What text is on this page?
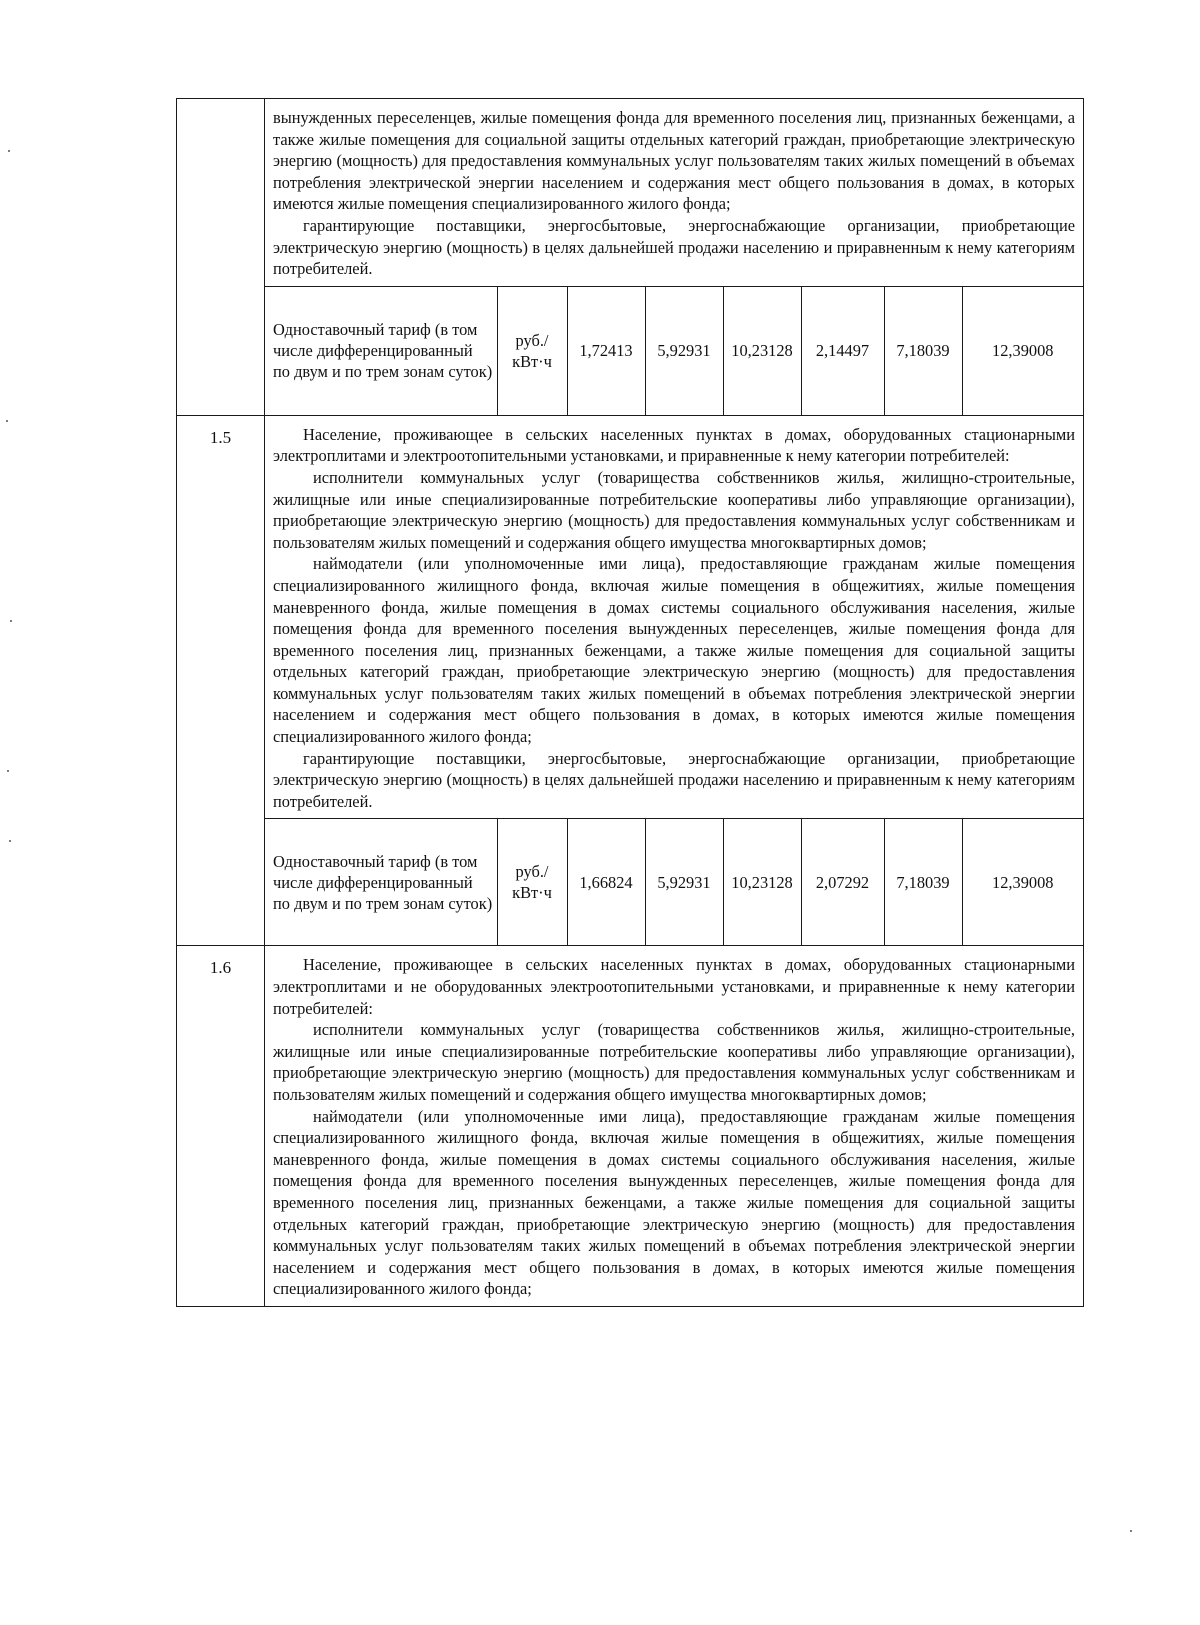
вынужденных переселенцев, жилые помещения фонда для временного поселения лиц, признанных беженцами, а также жилые помещения для социальной защиты отдельных категорий граждан, приобретающие электрическую энергию (мощность) для предоставления коммунальных услуг пользователям таких жилых помещений в объемах потребления электрической энергии населением и содержания мест общего пользования в домах, в которых имеются жилые помещения специализированного жилого фонда;

гарантирующие поставщики, энергосбытовые, энергоснабжающие организации, приобретающие электрическую энергию (мощность) в целях дальнейшей продажи населению и приравненным к нему категориям потребителей.

Одноставочный тариф (в том числе дифференцированный по двум и по трем зонам суток)	руб./ кВт·ч	1,72413	5,92931	10,23128	2,14497	7,18039	12,39008

1.5	Население, проживающее в сельских населенных пунктах в домах, оборудованных стационарными электроплитами и электроотопительными установками, и приравненные к нему категории потребителей:

исполнители коммунальных услуг (товарищества собственников жилья, жилищно-строительные, жилищные или иные специализированные потребительские кооперативы либо управляющие организации), приобретающие электрическую энергию (мощность) для предоставления коммунальных услуг собственникам и пользователям жилых помещений и содержания общего имущества многоквартирных домов;

наймодатели (или уполномоченные ими лица), предоставляющие гражданам жилые помещения специализированного жилищного фонда, включая жилые помещения в общежитиях, жилые помещения маневренного фонда, жилые помещения в домах системы социального обслуживания населения, жилые помещения фонда для временного поселения вынужденных переселенцев, жилые помещения фонда для временного поселения лиц, признанных беженцами, а также жилые помещения для социальной защиты отдельных категорий граждан, приобретающие электрическую энергию (мощность) для предоставления коммунальных услуг пользователям таких жилых помещений в объемах потребления электрической энергии населением и содержания мест общего пользования в домах, в которых имеются жилые помещения специализированного жилого фонда;

гарантирующие поставщики, энергосбытовые, энергоснабжающие организации, приобретающие электрическую энергию (мощность) в целях дальнейшей продажи населению и приравненным к нему категориям потребителей.

Одноставочный тариф (в том числе дифференцированный по двум и по трем зонам суток)	руб./ кВт·ч	1,66824	5,92931	10,23128	2,07292	7,18039	12,39008

1.6	Население, проживающее в сельских населенных пунктах в домах, оборудованных стационарными электроплитами и не оборудованных электроотопительными установками, и приравненные к нему категории потребителей:

исполнители коммунальных услуг (товарищества собственников жилья, жилищно-строительные, жилищные или иные специализированные потребительские кооперативы либо управляющие организации), приобретающие электрическую энергию (мощность) для предоставления коммунальных услуг собственникам и пользователям жилых помещений и содержания общего имущества многоквартирных домов;

наймодатели (или уполномоченные ими лица), предоставляющие гражданам жилые помещения специализированного жилищного фонда, включая жилые помещения в общежитиях, жилые помещения маневренного фонда, жилые помещения в домах системы социального обслуживания населения, жилые помещения фонда для временного поселения вынужденных переселенцев, жилые помещения фонда для временного поселения лиц, признанных беженцами, а также жилые помещения для социальной защиты отдельных категорий граждан, приобретающие электрическую энергию (мощность) для предоставления коммунальных услуг пользователям таких жилых помещений в объемах потребления электрической энергии населением и содержания мест общего пользования в домах, в которых имеются жилые помещения специализированного жилого фонда;
